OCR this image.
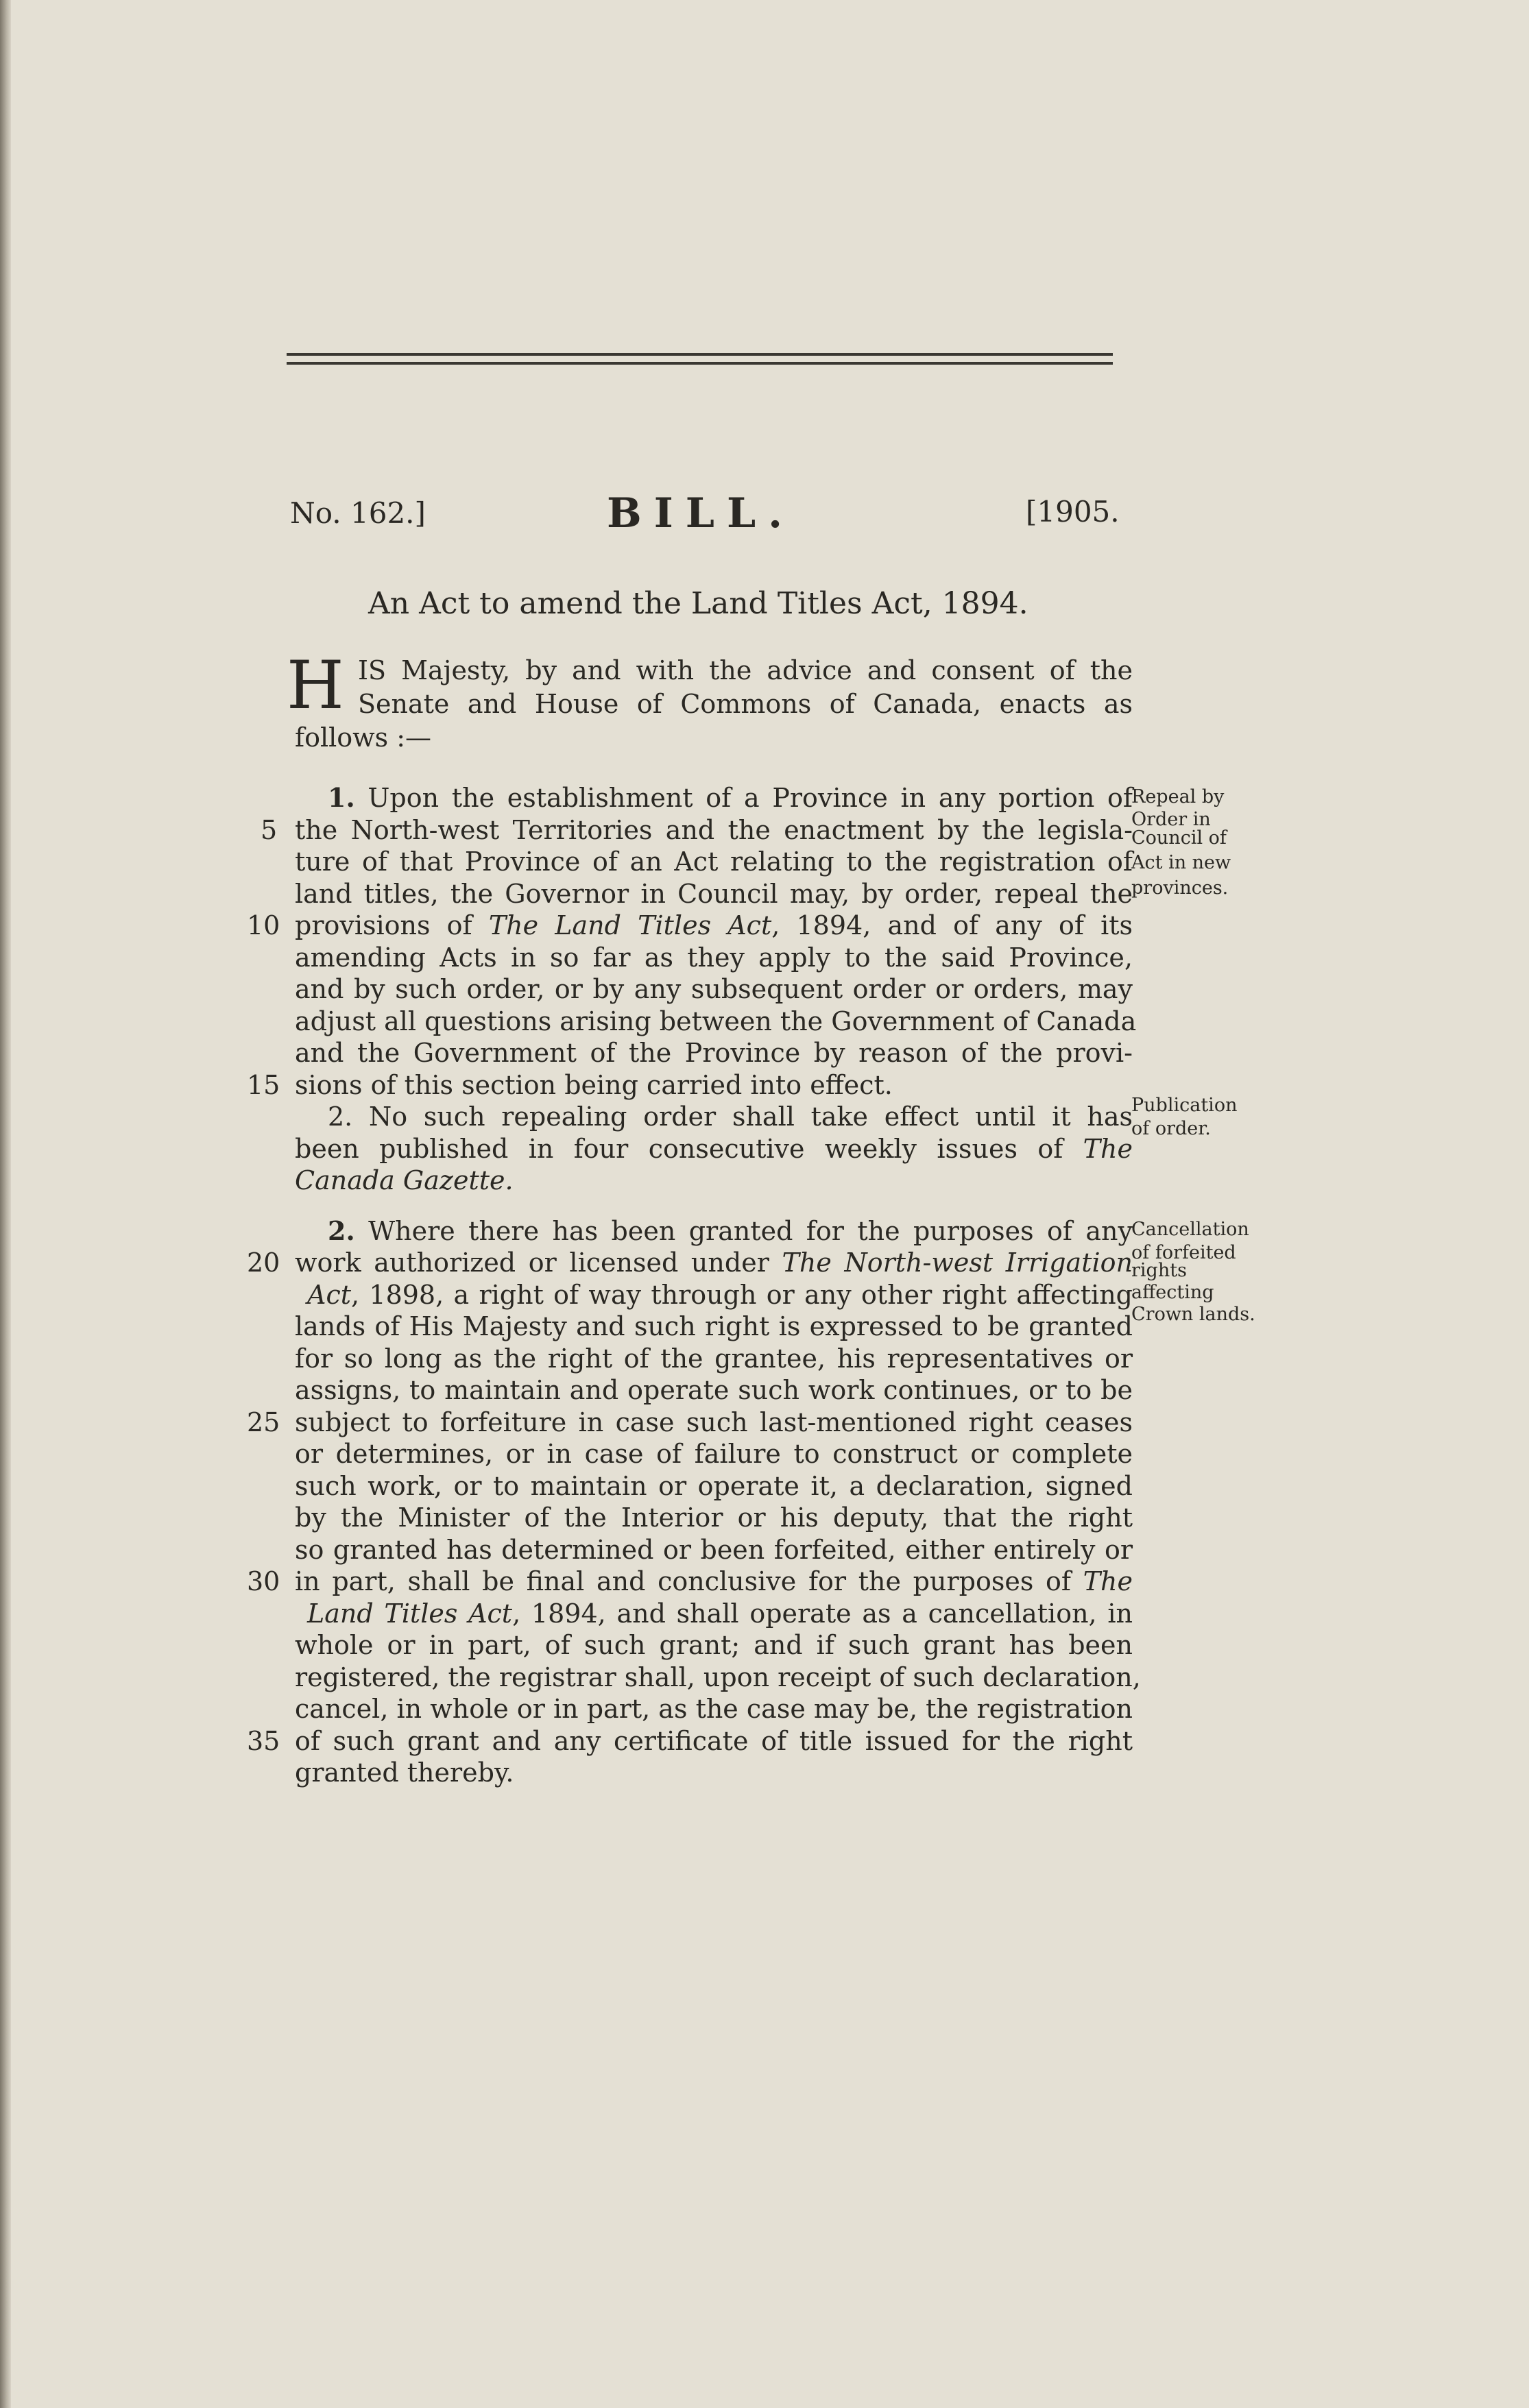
No. 162.]	BILL.	[1905.
An Act to amend the Land Titles Act, 1894.
H IS Majesty, by and with the advice and consent of the
Senate and House of Commons of Canada, enacts as
follows :—
1. Upon the establishment of a Province in any portion of
the North-west Territories and the enactment by the legisla-
ture of that Province of an Act relating to the registration of
land titles, the Governor in Council may, by order, repeal the
provisions of The Land Titles Act, 1894, and of any of its
amending Acts in so far as they apply to the said Province,
and by such order, or by any subsequent order or orders, may
adjust all questions arising between the Government of Canada
and the Government of the Province by reason of the provi-
sions of this section being carried into effect.
2. No such repealing order shall take effect until it has
been published in four consecutive weekly issues of The
Canada Gazette.
Repeal by
Order in
Council of
Act in new
provinces.
Publication
of order.
2. Where there has been granted for the purposes of any
work authorized or licensed under The North-west Irrigation
Act, 1898, a right of way through or any other right affecting
lands of His Majesty and such right is expressed to be granted
for so long as the right of the grantee, his representatives or
assigns, to maintain and operate such work continues, or to be
subject to forfeiture in case such last-mentioned right ceases
or determines, or in case of failure to construct or complete
such work, or to maintain or operate it, a declaration, signed
by the Minister of the Interior or his deputy, that the right
so granted has determined or been forfeited, either entirely or
in part, shall be final and conclusive for the purposes of The
Land Titles Act, 1894, and shall operate as a cancellation, in
whole or in part, of such grant; and if such grant has been
registered, the registrar shall, upon receipt of such declaration,
cancel, in whole or in part, as the case may be, the registration
of such grant and any certificate of title issued for the right
granted thereby.
Cancellation
of forfeited
rights
affecting
Crown lands.
5
10
15
20
25
30
35
